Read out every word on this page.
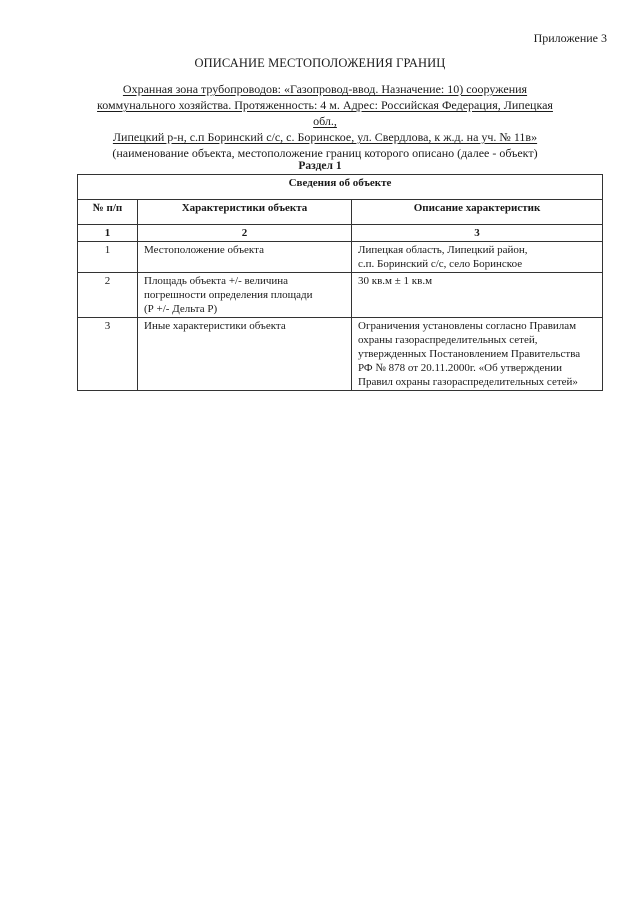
Приложение 3
ОПИСАНИЕ МЕСТОПОЛОЖЕНИЯ ГРАНИЦ
Охранная зона трубопроводов: «Газопровод-ввод. Назначение: 10) сооружения
коммунального хозяйства. Протяженность: 4 м. Адрес: Российская Федерация, Липецкая обл.,
Липецкий р-н, с.п Боринский с/с, с. Боринское, ул. Свердлова, к ж.д. на уч. № 11в»
(наименование объекта, местоположение границ которого описано (далее - объект)
Раздел 1
Сведения об объекте		
№ п/п	Характеристики объекта	Описание характеристик
1	2	3
1	Местоположение объекта	Липецкая область, Липецкий район,
с.п. Боринский с/с, село Боринское
2	Площадь объекта +/- величина
погрешности определения площади
(Р +/- Дельта Р)	30 кв.м ± 1 кв.м
3	Иные характеристики объекта	Ограничения установлены согласно Правилам
охраны газораспределительных сетей,
утвержденных Постановлением Правительства
РФ № 878 от 20.11.2000г. «Об утверждении
Правил охраны газораспределительных сетей»
